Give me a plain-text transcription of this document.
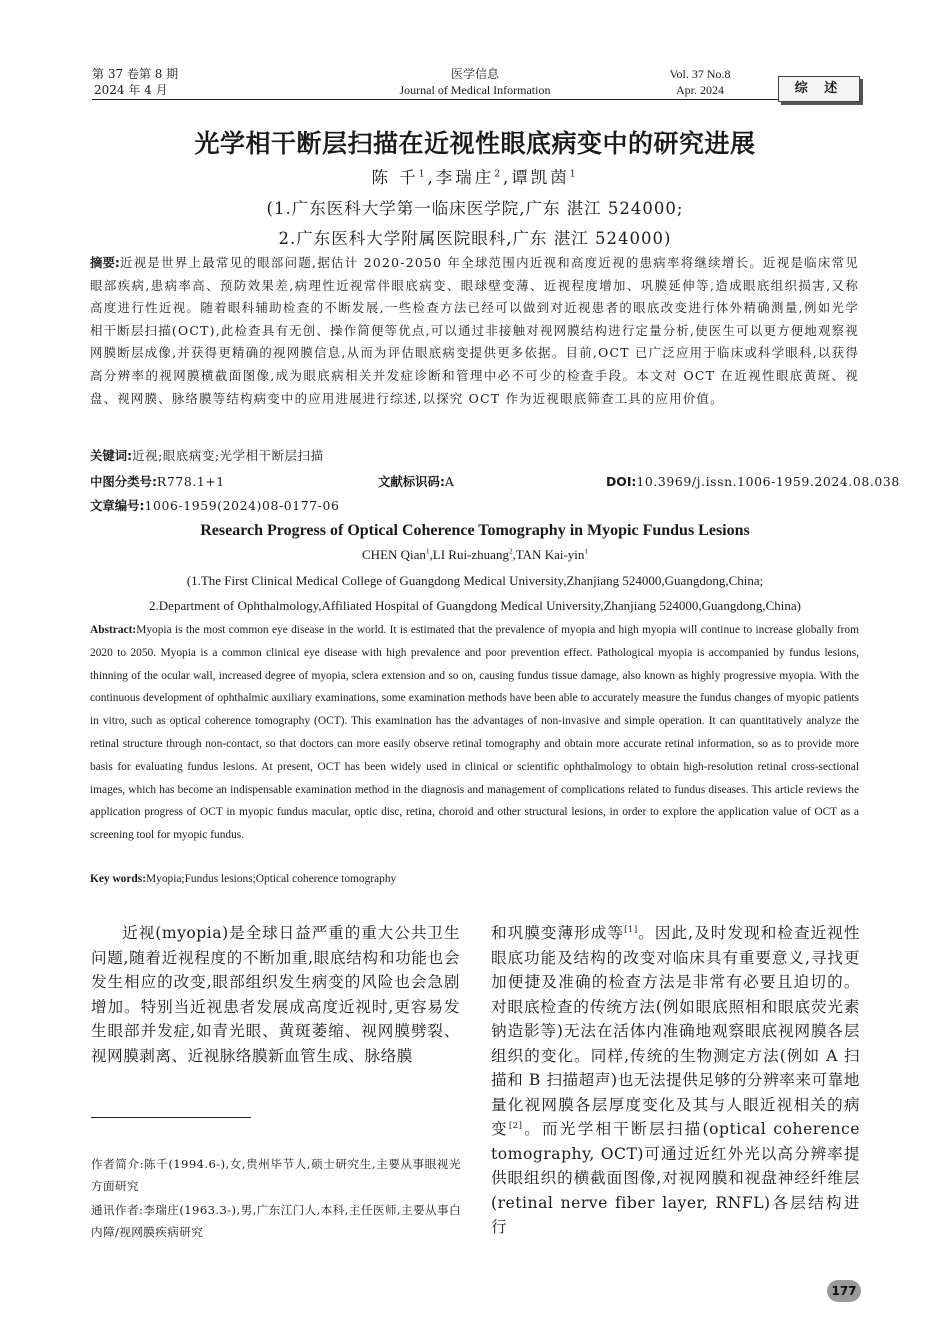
第 37 卷第 8 期
2024 年 4 月
医学信息
Journal of Medical Information
Vol. 37 No.8
Apr. 2024	综 述
光学相干断层扫描在近视性眼底病变中的研究进展
陈 千$^1$,李瑞庄$^2$,谭凯茵$^1$
(1.广东医科大学第一临床医学院,广东 湛江 524000;
2.广东医科大学附属医院眼科,广东 湛江 524000)
摘要:近视是世界上最常见的眼部问题,据估计 2020-2050 年全球范围内近视和高度近视的患病率将继续增长。近视是临床常见眼部疾病,患病率高、预防效果差,病理性近视常伴眼底病变、眼球壁变薄、近视程度增加、巩膜延伸等,造成眼底组织损害,又称高度进行性近视。随着眼科辅助检查的不断发展,一些检查方法已经可以做到对近视患者的眼底改变进行体外精确测量,例如光学相干断层扫描(OCT),此检查具有无创、操作简便等优点,可以通过非接触对视网膜结构进行定量分析,使医生可以更方便地观察视网膜断层成像,并获得更精确的视网膜信息,从而为评估眼底病变提供更多依据。目前,OCT 已广泛应用于临床或科学眼科,以获得高分辨率的视网膜横截面图像,成为眼底病相关并发症诊断和管理中必不可少的检查手段。本文对 OCT 在近视性眼底黄斑、视盘、视网膜、脉络膜等结构病变中的应用进展进行综述,以探究 OCT 作为近视眼底筛查工具的应用价值。
关键词:近视;眼底病变;光学相干断层扫描
中图分类号:R778.1+1	文献标识码:A	DOI:10.3969/j.issn.1006-1959.2024.08.038
文章编号:1006-1959(2024)08-0177-06
Research Progress of Optical Coherence Tomography in Myopic Fundus Lesions
CHEN Qian$^1$,LI Rui-zhuang$^2$,TAN Kai-yin$^1$
(1.The First Clinical Medical College of Guangdong Medical University,Zhanjiang 524000,Guangdong,China;
2.Department of Ophthalmology,Affiliated Hospital of Guangdong Medical University,Zhanjiang 524000,Guangdong,China)
Abstract:Myopia is the most common eye disease in the world. It is estimated that the prevalence of myopia and high myopia will continue to increase globally from 2020 to 2050. Myopia is a common clinical eye disease with high prevalence and poor prevention effect. Pathological myopia is accompanied by fundus lesions, thinning of the ocular wall, increased degree of myopia, sclera extension and so on, causing fundus tissue damage, also known as highly progressive myopia. With the continuous development of ophthalmic auxiliary examinations, some examination methods have been able to accurately measure the fundus changes of myopic patients in vitro, such as optical coherence tomography (OCT). This examination has the advantages of non-invasive and simple operation. It can quantitatively analyze the retinal structure through non-contact, so that doctors can more easily observe retinal tomography and obtain more accurate retinal information, so as to provide more basis for evaluating fundus lesions. At present, OCT has been widely used in clinical or scientific ophthalmology to obtain high-resolution retinal cross-sectional images, which has become an indispensable examination method in the diagnosis and management of complications related to fundus diseases. This article reviews the application progress of OCT in myopic fundus macular, optic disc, retina, choroid and other structural lesions, in order to explore the application value of OCT as a screening tool for myopic fundus.
Key words:Myopia;Fundus lesions;Optical coherence tomography

近视(myopia)是全球日益严重的重大公共卫生问题,随着近视程度的不断加重,眼底结构和功能也会发生相应的改变,眼部组织发生病变的风险也会急剧增加。特别当近视患者发展成高度近视时,更容易发生眼部并发症,如青光眼、黄斑萎缩、视网膜劈裂、视网膜剥离、近视脉络膜新血管生成、脉络膜

和巩膜变薄形成等[1]。因此,及时发现和检查近视性眼底功能及结构的改变对临床具有重要意义,寻找更加便捷及准确的检查方法是非常有必要且迫切的。对眼底检查的传统方法(例如眼底照相和眼底荧光素钠造影等)无法在活体内准确地观察眼底视网膜各层组织的变化。同样,传统的生物测定方法(例如 A 扫描和 B 扫描超声)也无法提供足够的分辨率来可靠地量化视网膜各层厚度变化及其与人眼近视相关的病变[2]。而光学相干断层扫描(optical coherence tomography, OCT)可通过近红外光以高分辨率提供眼组织的横截面图像,对视网膜和视盘神经纤维层(retinal nerve fiber layer, RNFL)各层结构进行

作者简介:陈千(1994.6-),女,贵州毕节人,硕士研究生,主要从事眼视光方面研究

通讯作者:李瑞庄(1963.3-),男,广东江门人,本科,主任医师,主要从事白内障/视网膜疾病研究

177
